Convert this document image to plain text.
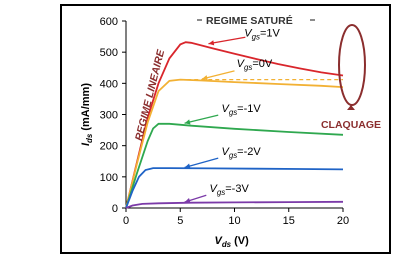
0
100
200
300
400
500
600
0	5	10	15	20
$V_{ds}$ (V)
$I_{ds}$ (mA/mm)
$V_{gs}=1V$
$V_{gs}=0V$
$V_{gs}=-1V$
$V_{gs}=-2V$
$V_{gs}=-3V$
REGIME SATURÉ
REGIME LINEAIRE	CLAQUAGE
